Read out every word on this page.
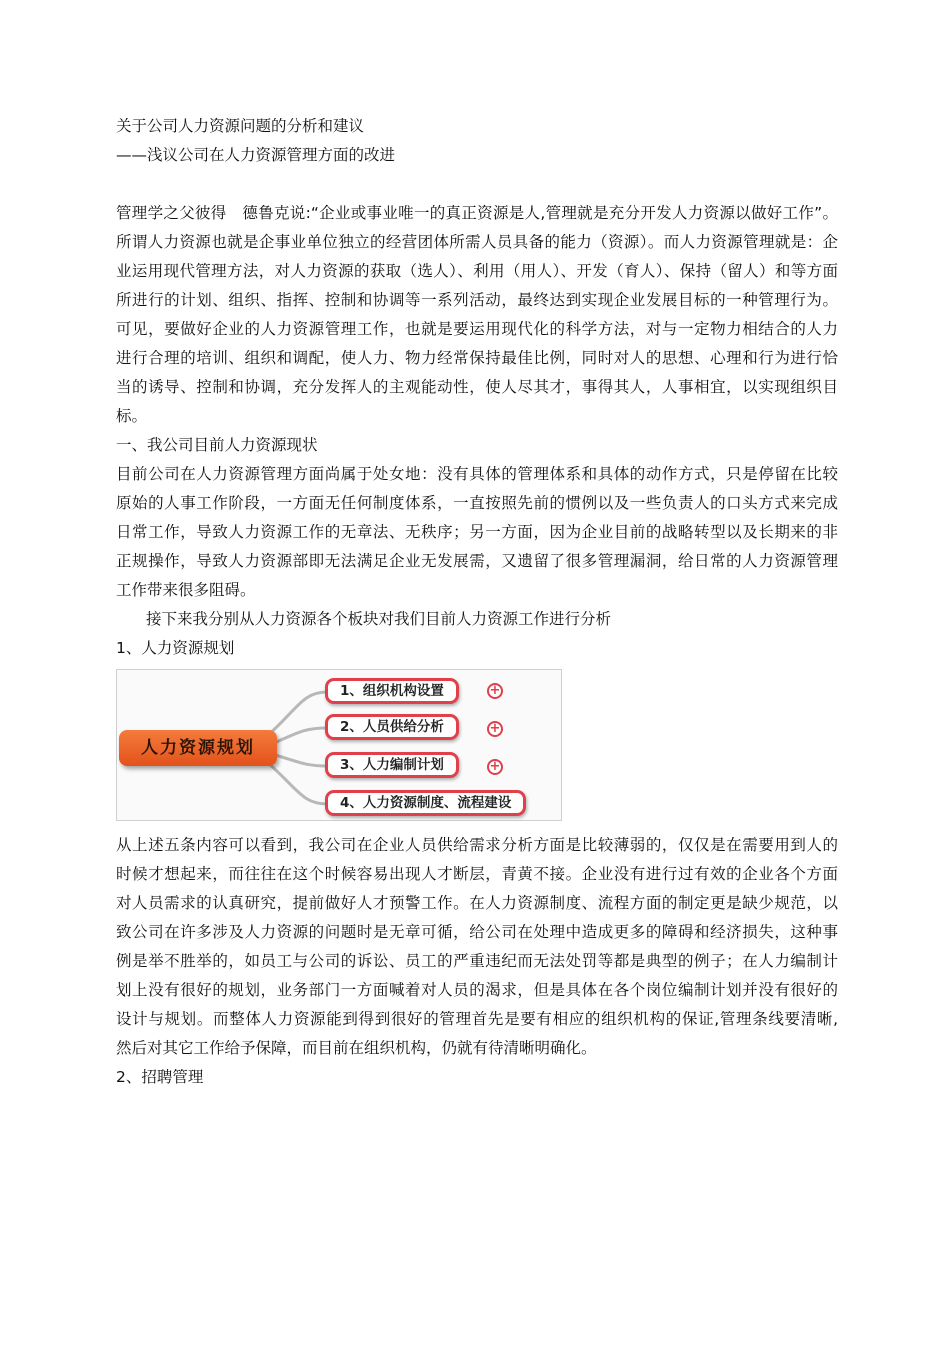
关于公司人力资源问题的分析和建议

——浅议公司在人力资源管理方面的改进

管理学之父彼得　德鲁克说:“企业或事业唯一的真正资源是人,管理就是充分开发人力资源以做好工作”。

所谓人力资源也就是企事业单位独立的经营团体所需人员具备的能力（资源）。而人力资源管理就是：企

业运用现代管理方法，对人力资源的获取（选人）、利用（用人）、开发（育人）、保持（留人）和等方面

所进行的计划、组织、指挥、控制和协调等一系列活动，最终达到实现企业发展目标的一种管理行为。

可见，要做好企业的人力资源管理工作，也就是要运用现代化的科学方法，对与一定物力相结合的人力

进行合理的培训、组织和调配，使人力、物力经常保持最佳比例，同时对人的思想、心理和行为进行恰

当的诱导、控制和协调，充分发挥人的主观能动性，使人尽其才，事得其人，人事相宜，以实现组织目

标。

一、我公司目前人力资源现状

目前公司在人力资源管理方面尚属于处女地：没有具体的管理体系和具体的动作方式，只是停留在比较

原始的人事工作阶段，一方面无任何制度体系，一直按照先前的惯例以及一些负责人的口头方式来完成

日常工作，导致人力资源工作的无章法、无秩序；另一方面，因为企业目前的战略转型以及长期来的非

正规操作，导致人力资源部即无法满足企业无发展需，又遗留了很多管理漏洞，给日常的人力资源管理

工作带来很多阻碍。

接下来我分别从人力资源各个板块对我们目前人力资源工作进行分析

1、人力资源规划

人力资源规划
1、组织机构设置
2、人员供给分析
3、人力编制计划
4、人力资源制度、流程建设
+
+
+

从上述五条内容可以看到，我公司在企业人员供给需求分析方面是比较薄弱的，仅仅是在需要用到人的

时候才想起来，而往往在这个时候容易出现人才断层，青黄不接。企业没有进行过有效的企业各个方面

对人员需求的认真研究，提前做好人才预警工作。在人力资源制度、流程方面的制定更是缺少规范，以

致公司在许多涉及人力资源的问题时是无章可循，给公司在处理中造成更多的障碍和经济损失，这种事

例是举不胜举的，如员工与公司的诉讼、员工的严重违纪而无法处罚等都是典型的例子；在人力编制计

划上没有很好的规划，业务部门一方面喊着对人员的渴求，但是具体在各个岗位编制计划并没有很好的

设计与规划。而整体人力资源能到得到很好的管理首先是要有相应的组织机构的保证,管理条线要清晰,

然后对其它工作给予保障，而目前在组织机构，仍就有待清晰明确化。

2、招聘管理
